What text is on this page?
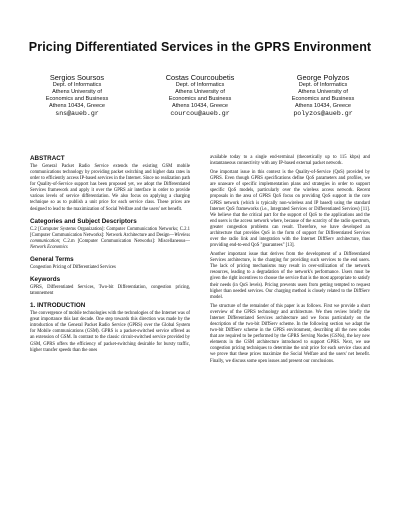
Pricing Differentiated Services in the GPRS Environment
Sergios Soursos
Dept. of Informatics
Athens University of
Economics and Business
Athens 10434, Greece
sns@aueb.gr
Costas Courcoubetis
Dept. of Informatics
Athens University of
Economics and Business
Athens 10434, Greece
courcou@aueb.gr
George Polyzos
Dept. of Informatics
Athens University of
Economics and Business
Athens 10434, Greece
polyzos@aueb.gr
ABSTRACT

The General Packet Radio Service extends the existing GSM mobile communications technology by providing packet switching and higher data rates in order to efficiently access IP-based services in the Internet. Since no realization path for Quality-of-Service support has been proposed yet, we adopt the Differentiated Services framework and apply it over the GPRS air interface in order to provide various levels of service differentiation. We also focus on applying a charging technique so as to publish a unit price for each service class. These prices are designed to lead to the maximization of Social Welfare and the users' net benefit.

Categories and Subject Descriptors

C.2 [Computer Systems Organization]: Computer Communication Networks; C.2.1 [Computer Communication Networks]: Network Architecture and Design—Wireless communication; C.2.m [Computer Communication Networks]: Miscellaneous—Network Economics

General Terms

Congestion Pricing of Differentiated Services

Keywords

GPRS, Differentiated Services, Two-bit Differentiation, congestion pricing, tatonnement

1. INTRODUCTION

The convergence of mobile technologies with the technologies of the Internet was of great importance this last decade. One step towards this direction was made by the introduction of the General Packet Radio Service (GPRS) over the Global System for Mobile communications (GSM). GPRS is a packet-switched service offered as an extension of GSM. In contrast to the classic circuit-switched service provided by GSM, GPRS offers the efficiency of packet-switching desirable for bursty traffic, higher transfer speeds than the ones

available today to a single end-terminal (theoretically up to 115 kbps) and instantaneous connectivity with any IP-based external packet network.

One important issue in this context is the Quality-of-Service (QoS) provided by GPRS. Even though GPRS specifications define QoS parameters and profiles, we are unaware of specific implementation plans and strategies in order to support specific QoS models, particularly over the wireless access network. Recent proposals in the area of GPRS QoS focus on providing QoS support in the core GPRS network (which is typically non-wireless and IP based) using the standard Internet QoS frameworks (i.e., Integrated Services or Differentiated Services) [11]. We believe that the critical part for the support of QoS to the applications and the end users is the access network where, because of the scarcity of the radio spectrum, greater congestion problems can result. Therefore, we have developed an architecture that provides QoS in the form of support for Differentiated Services over the radio link and integration with the Internet DiffServ architecture, thus providing end-to-end QoS "guarantees" [13].

Another important issue that derives from the development of a Differentiated Services architecture, is the charging for providing such services to the end users. The lack of pricing mechanisms may result in over-utilization of the network resources, leading to a degradation of the network's performance. Users must be given the right incentives to choose the service that is the most appropriate to satisfy their needs (in QoS levels). Pricing prevents users from getting tempted to request higher than needed services. Our charging method is closely related to the DiffServ model.

The structure of the remainder of this paper is as follows. First we provide a short overview of the GPRS technology and architecture. We then review briefly the Internet Differentiated Services architecture and we focus particularly on the description of the two-bit DiffServ scheme. In the following section we adapt the two-bit DiffServ scheme in the GPRS environment, describing all the new nodes that are required to be performed by the GPRS Serving Nodes (GSNs), the key new elements in the GSM architecture introduced to support GPRS. Next, we use congestion pricing techniques to determine the unit price for each service class and we prove that these prices maximize the Social Welfare and the users' net benefit. Finally, we discuss some open issues and present our conclusions.
